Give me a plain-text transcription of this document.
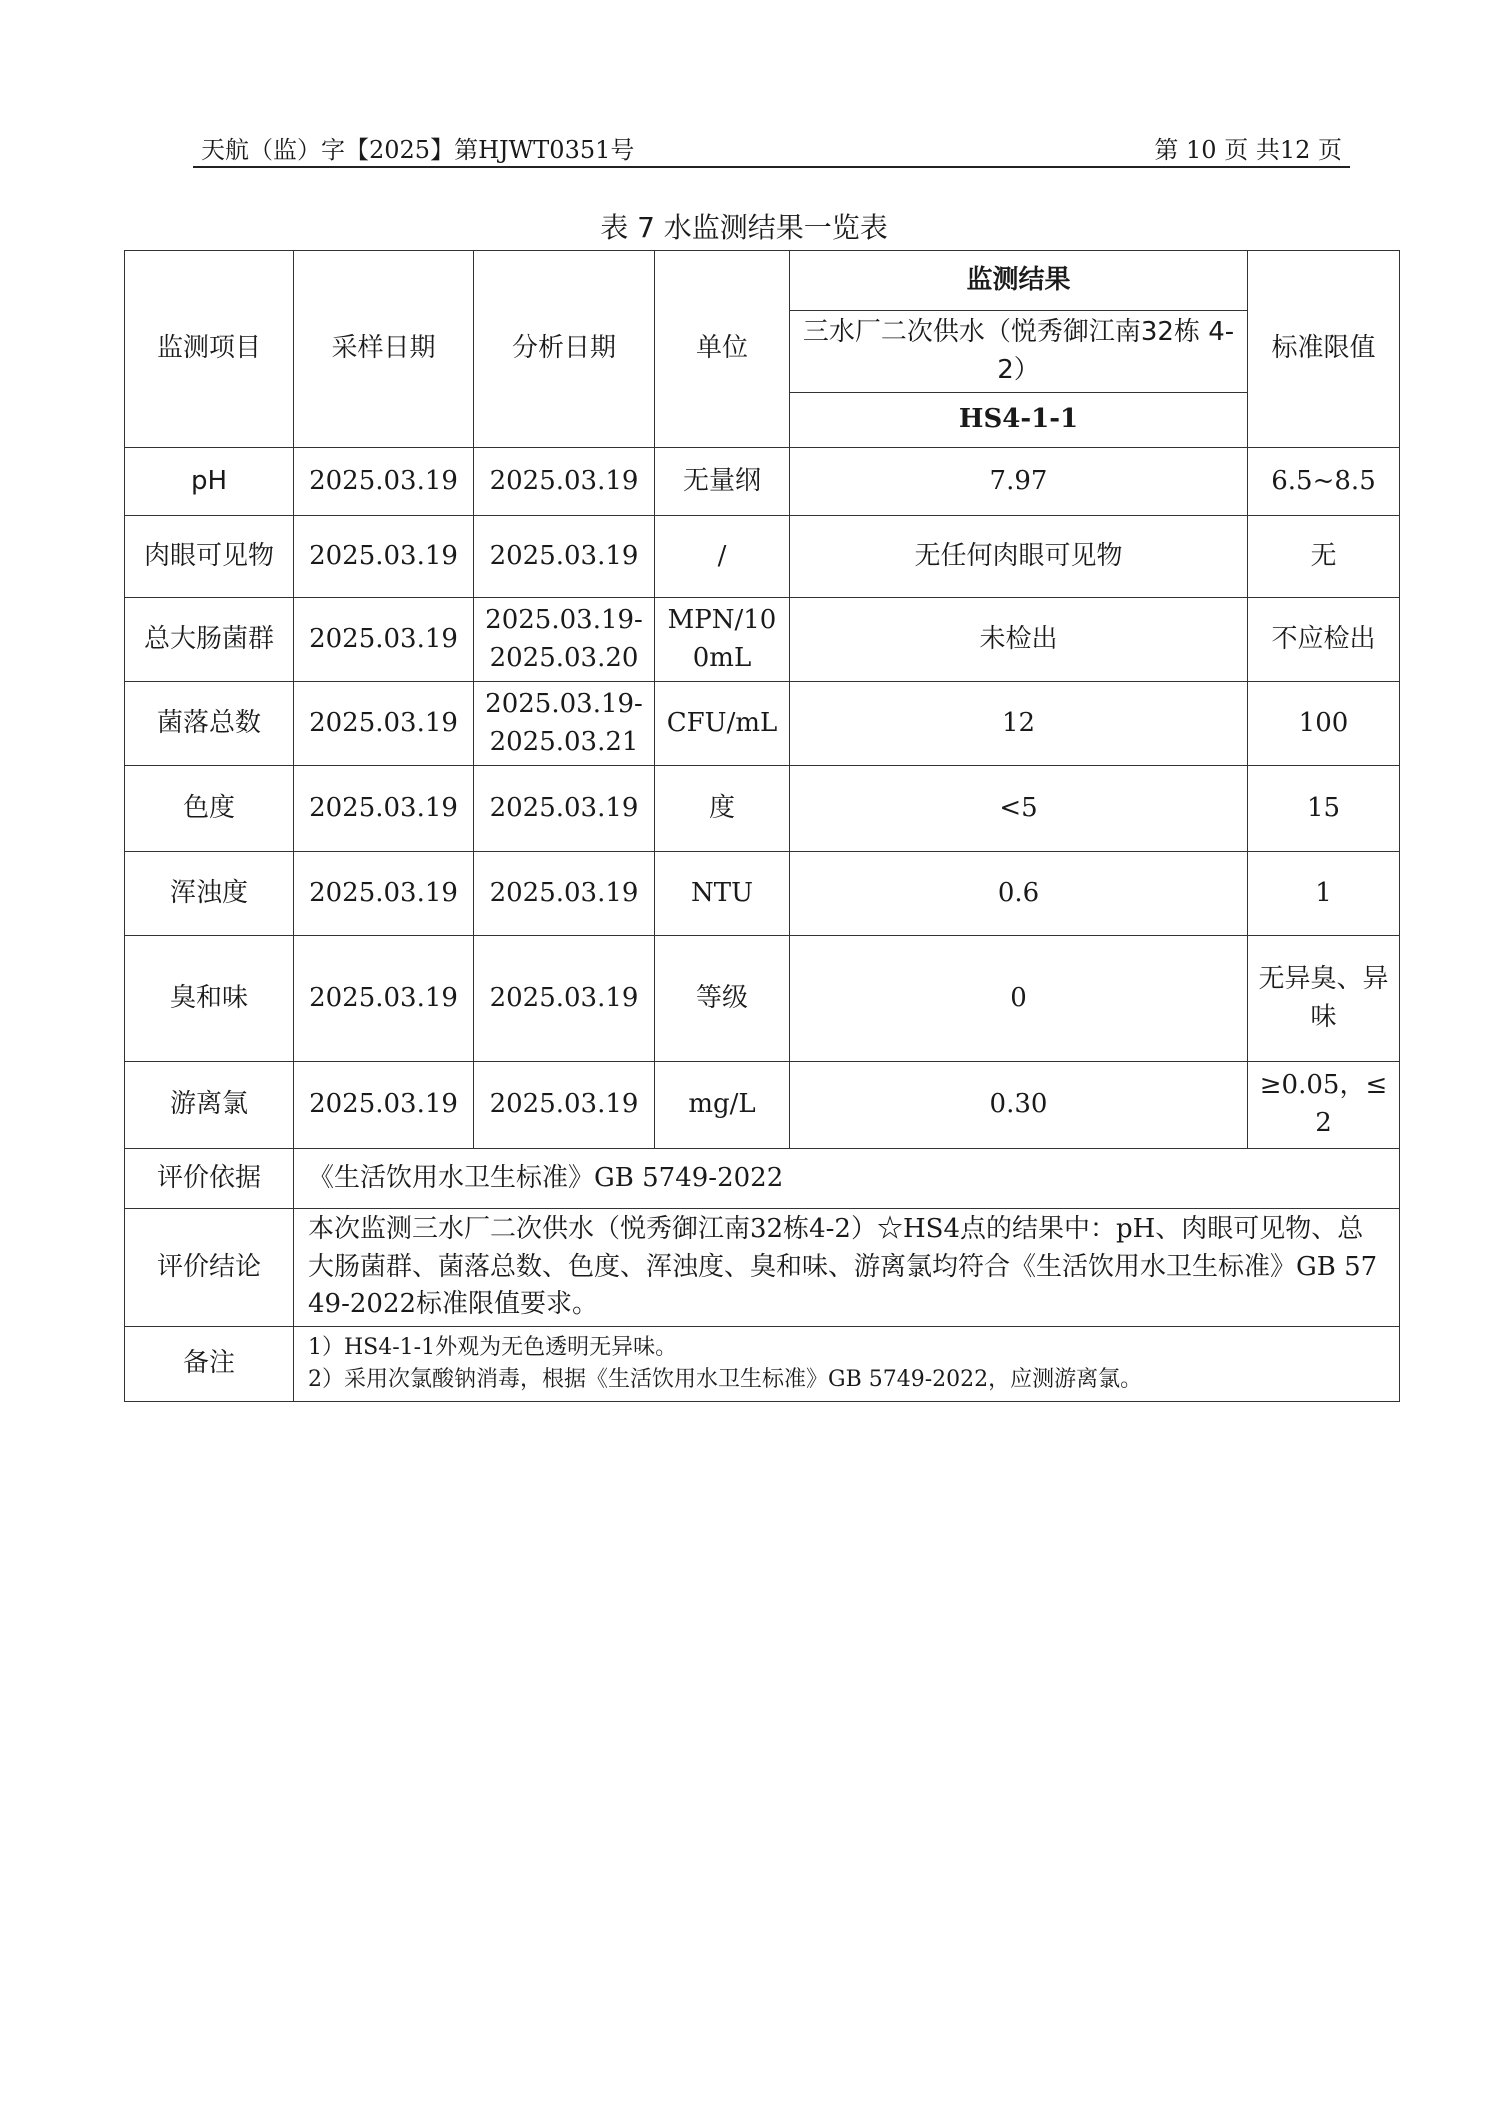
天航（监）字【2025】第HJWT0351号	第 10 页 共12 页
表 7 水监测结果一览表
监测项目	采样日期	分析日期	单位	监测结果	标准限值
				三水厂二次供水（悦秀御江南32栋 4-2）	
				HS4-1-1	
pH	2025.03.19	2025.03.19	无量纲	7.97	6.5~8.5
肉眼可见物	2025.03.19	2025.03.19	/	无任何肉眼可见物	无
总大肠菌群	2025.03.19	2025.03.19-2025.03.20	MPN/100mL	未检出	不应检出
菌落总数	2025.03.19	2025.03.19-2025.03.21	CFU/mL	12	100
色度	2025.03.19	2025.03.19	度	<5	15
浑浊度	2025.03.19	2025.03.19	NTU	0.6	1
臭和味	2025.03.19	2025.03.19	等级	0	无异臭、异味
游离氯	2025.03.19	2025.03.19	mg/L	0.30	≥0.05，≤2
评价依据	《生活饮用水卫生标准》GB 5749-2022				
评价结论	本次监测三水厂二次供水（悦秀御江南32栋4-2）☆HS4点的结果中：pH、肉眼可见物、总大肠菌群、菌落总数、色度、浑浊度、臭和味、游离氯均符合《生活饮用水卫生标准》GB 5749-2022标准限值要求。				
备注	1）HS4-1-1外观为无色透明无异味。
2）采用次氯酸钠消毒，根据《生活饮用水卫生标准》GB 5749-2022，应测游离氯。				
